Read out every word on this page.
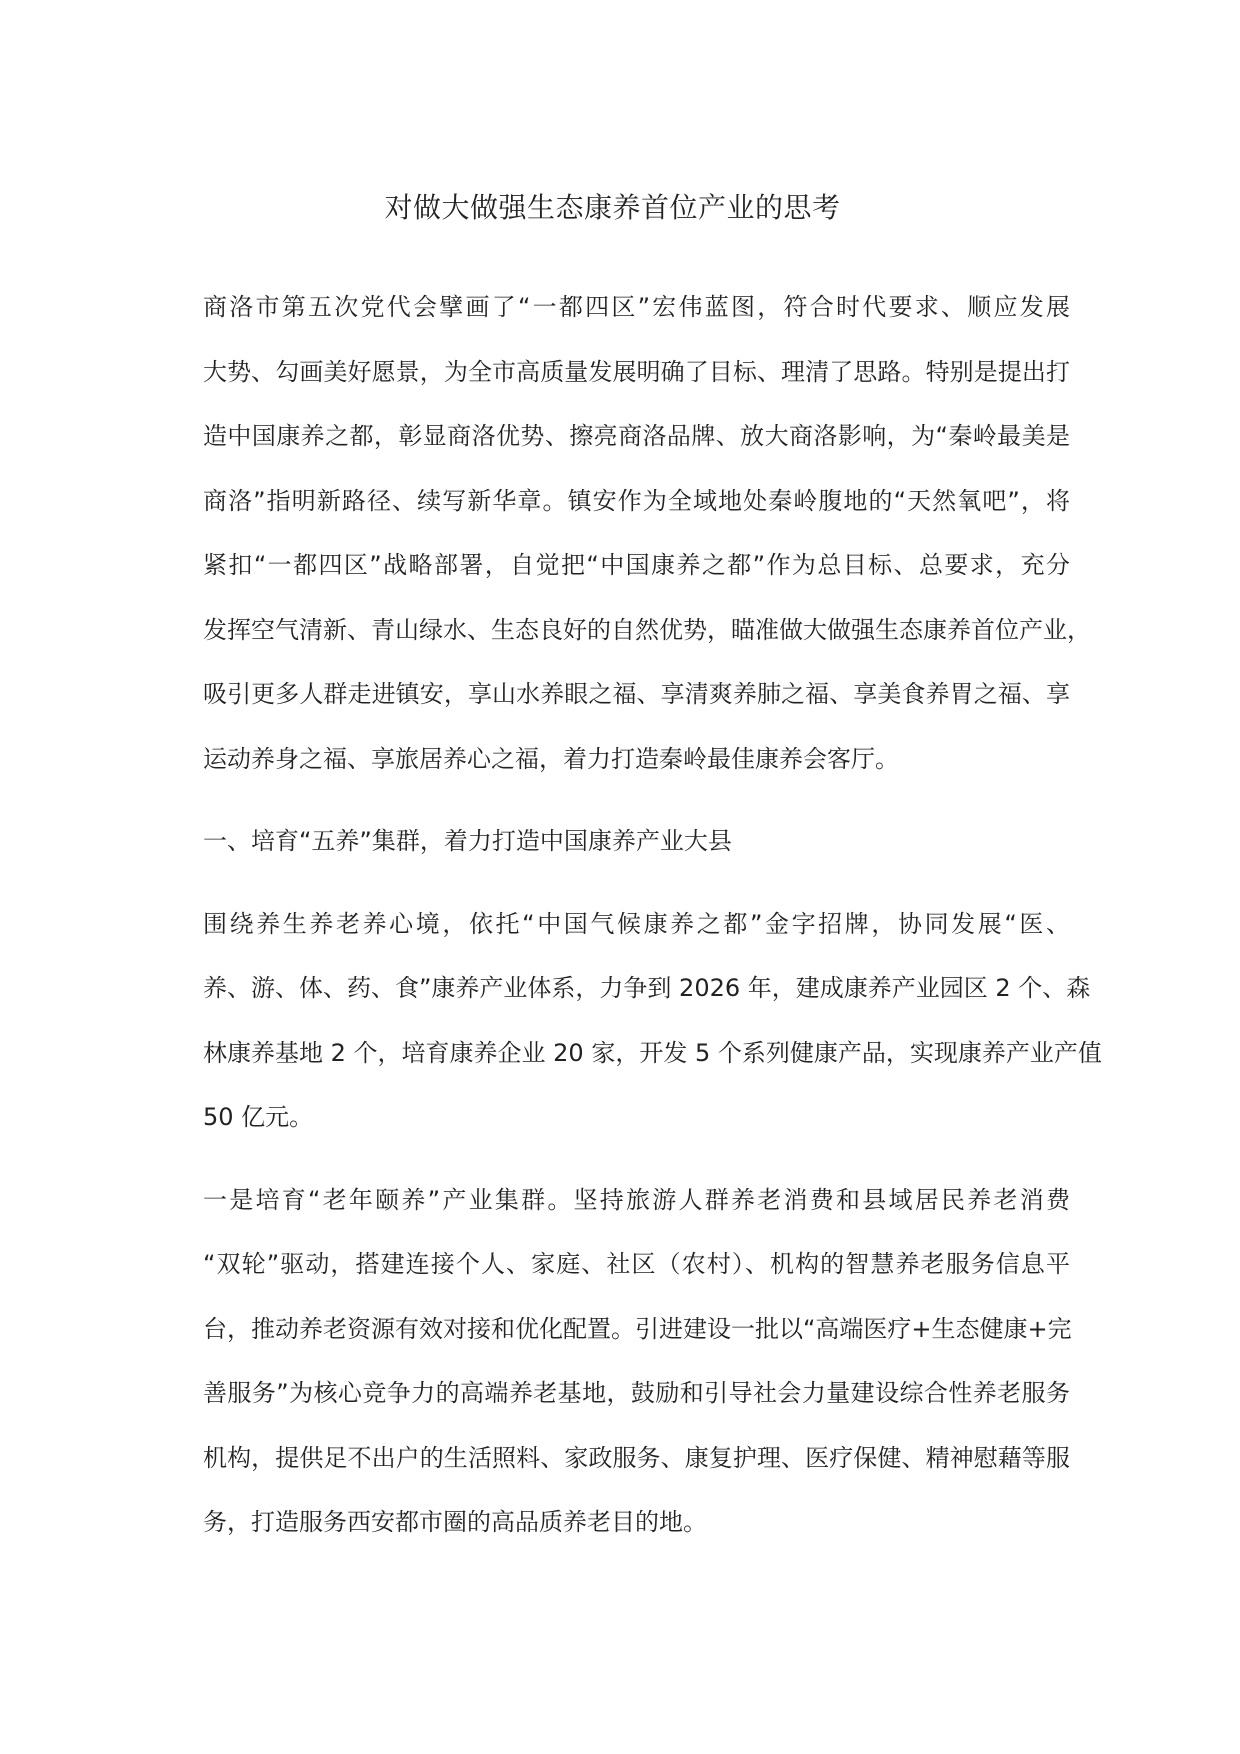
对做大做强生态康养首位产业的思考
商洛市第五次党代会擘画了“一都四区”宏伟蓝图，符合时代要求、顺应发展
大势、勾画美好愿景，为全市高质量发展明确了目标、理清了思路。特别是提出打
造中国康养之都，彰显商洛优势、擦亮商洛品牌、放大商洛影响，为“秦岭最美是
商洛”指明新路径、续写新华章。镇安作为全域地处秦岭腹地的“天然氧吧”，将
紧扣“一都四区”战略部署，自觉把“中国康养之都”作为总目标、总要求，充分
发挥空气清新、青山绿水、生态良好的自然优势，瞄准做大做强生态康养首位产业，
吸引更多人群走进镇安，享山水养眼之福、享清爽养肺之福、享美食养胃之福、享
运动养身之福、享旅居养心之福，着力打造秦岭最佳康养会客厅。
一、培育“五养”集群，着力打造中国康养产业大县
围绕养生养老养心境，依托“中国气候康养之都”金字招牌，协同发展“医、
养、游、体、药、食”康养产业体系，力争到 2026 年，建成康养产业园区 2 个、森
林康养基地 2 个，培育康养企业 20 家，开发 5 个系列健康产品，实现康养产业产值
50 亿元。
一是培育“老年颐养”产业集群。坚持旅游人群养老消费和县域居民养老消费
“双轮”驱动，搭建连接个人、家庭、社区（农村）、机构的智慧养老服务信息平
台，推动养老资源有效对接和优化配置。引进建设一批以“高端医疗+生态健康+完
善服务”为核心竞争力的高端养老基地，鼓励和引导社会力量建设综合性养老服务
机构，提供足不出户的生活照料、家政服务、康复护理、医疗保健、精神慰藉等服
务，打造服务西安都市圈的高品质养老目的地。
